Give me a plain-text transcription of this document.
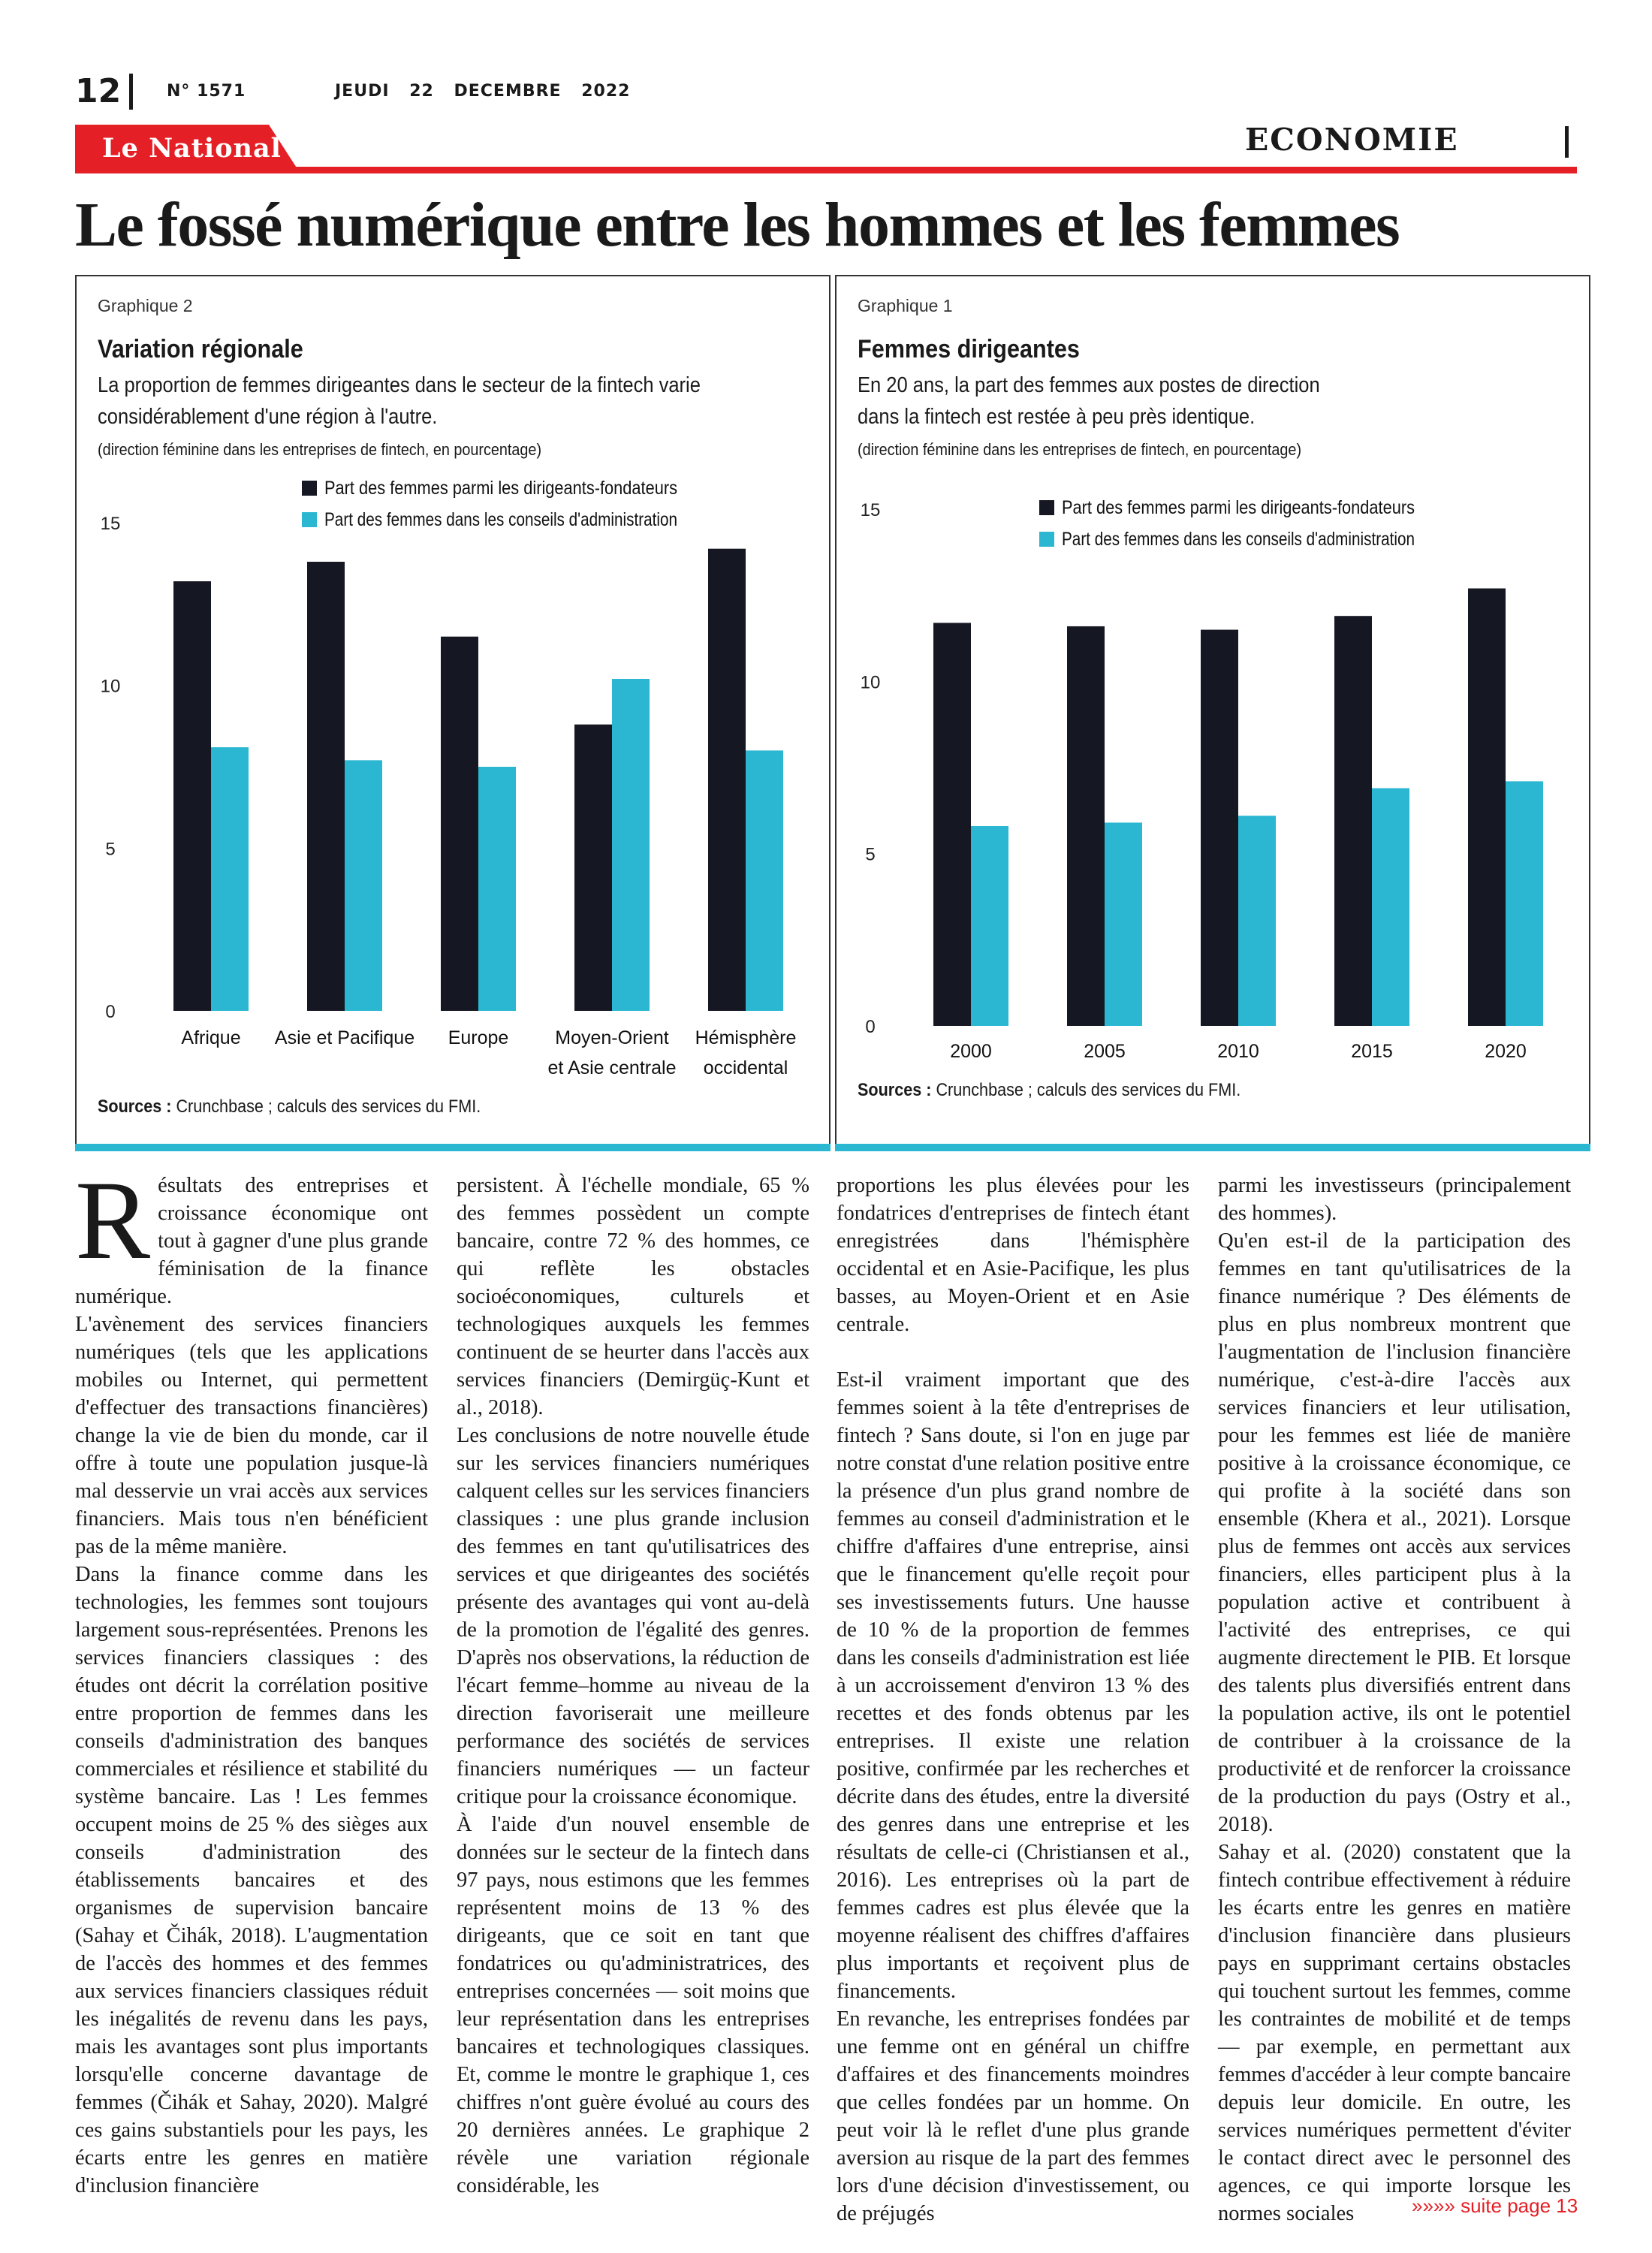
12	N° 1571	JEUDI 22 DECEMBRE 2022
Le National	ECONOMIE
Le fossé numérique entre les hommes et les femmes
Graphique 2
Variation régionale
La proportion de femmes dirigeantes dans le secteur de la fintech varie considérablement d'une région à l'autre.
(direction féminine dans les entreprises de fintech, en pourcentage)
0
5
10
15
Part des femmes parmi les dirigeants-fondateurs
Part des femmes dans les conseils d'administration
Afrique Asie et Pacifique Europe Moyen-Orient
et Asie centrale
Hémisphère
occidental
Sources : Crunchbase ; calculs des services du FMI.
Graphique 1
Femmes dirigeantes
En 20 ans, la part des femmes aux postes de direction dans la fintech est restée à peu près identique.
(direction féminine dans les entreprises de fintech, en pourcentage)
0
5
10
15	Part des femmes parmi les dirigeants-fondateurs
Part des femmes dans les conseils d'administration
2000	2005	2010	2015	2020
Sources : Crunchbase ; calculs des services du FMI.
R ésultats des entreprises et croissance économique ont tout à gagner d'une plus grande féminisation de la finance numérique.

L'avènement des services financiers numériques (tels que les applications mobiles ou Internet, qui permettent d'effectuer des transactions financières) change la vie de bien du monde, car il offre à toute une population jusque-là mal desservie un vrai accès aux services financiers. Mais tous n'en bénéficient pas de la même manière.

Dans la finance comme dans les technologies, les femmes sont toujours largement sous-représentées. Prenons les services financiers classiques : des études ont décrit la corrélation positive entre proportion de femmes dans les conseils d'administration des banques commerciales et résilience et stabilité du système bancaire. Las ! Les femmes occupent moins de 25 % des sièges aux conseils d'administration des établissements bancaires et des organismes de supervision bancaire (Sahay et Čihák, 2018). L'augmentation de l'accès des hommes et des femmes aux services financiers classiques réduit les inégalités de revenu dans les pays, mais les avantages sont plus importants lorsqu'elle concerne davantage de femmes (Čihák et Sahay, 2020). Malgré ces gains substantiels pour les pays, les écarts entre les genres en matière d'inclusion financière

persistent. À l'échelle mondiale, 65 % des femmes possèdent un compte bancaire, contre 72 % des hommes, ce qui reflète les obstacles socioéconomiques, culturels et technologiques auxquels les femmes continuent de se heurter dans l'accès aux services financiers (Demirgüç-Kunt et al., 2018).

Les conclusions de notre nouvelle étude sur les services financiers numériques calquent celles sur les services financiers classiques : une plus grande inclusion des femmes en tant qu'utilisatrices des services et que dirigeantes des sociétés présente des avantages qui vont au-delà de la promotion de l'égalité des genres. D'après nos observations, la réduction de l'écart femme–homme au niveau de la direction favoriserait une meilleure performance des sociétés de services financiers numériques — un facteur critique pour la croissance économique.

À l'aide d'un nouvel ensemble de données sur le secteur de la fintech dans 97 pays, nous estimons que les femmes représentent moins de 13 % des dirigeants, que ce soit en tant que fondatrices ou qu'administratrices, des entreprises concernées — soit moins que leur représentation dans les entreprises bancaires et technologiques classiques. Et, comme le montre le graphique 1, ces chiffres n'ont guère évolué au cours des 20 dernières années. Le graphique 2 révèle une variation régionale considérable, les

proportions les plus élevées pour les fondatrices d'entreprises de fintech étant enregistrées dans l'hémisphère occidental et en Asie-Pacifique, les plus basses, au Moyen-Orient et en Asie centrale.

Est-il vraiment important que des femmes soient à la tête d'entreprises de fintech ? Sans doute, si l'on en juge par notre constat d'une relation positive entre la présence d'un plus grand nombre de femmes au conseil d'administration et le chiffre d'affaires d'une entreprise, ainsi que le financement qu'elle reçoit pour ses investissements futurs. Une hausse de 10 % de la proportion de femmes dans les conseils d'administration est liée à un accroissement d'environ 13 % des recettes et des fonds obtenus par les entreprises. Il existe une relation positive, confirmée par les recherches et décrite dans des études, entre la diversité des genres dans une entreprise et les résultats de celle-ci (Christiansen et al., 2016). Les entreprises où la part de femmes cadres est plus élevée que la moyenne réalisent des chiffres d'affaires plus importants et reçoivent plus de financements.

En revanche, les entreprises fondées par une femme ont en général un chiffre d'affaires et des financements moindres que celles fondées par un homme. On peut voir là le reflet d'une plus grande aversion au risque de la part des femmes lors d'une décision d'investissement, ou de préjugés

parmi les investisseurs (principalement des hommes).

Qu'en est-il de la participation des femmes en tant qu'utilisatrices de la finance numérique ? Des éléments de plus en plus nombreux montrent que l'augmentation de l'inclusion financière numérique, c'est-à-dire l'accès aux services financiers et leur utilisation, pour les femmes est liée de manière positive à la croissance économique, ce qui profite à la société dans son ensemble (Khera et al., 2021). Lorsque plus de femmes ont accès aux services financiers, elles participent plus à la population active et contribuent à l'activité des entreprises, ce qui augmente directement le PIB. Et lorsque des talents plus diversifiés entrent dans la population active, ils ont le potentiel de contribuer à la croissance de la productivité et de renforcer la croissance de la production du pays (Ostry et al., 2018).

Sahay et al. (2020) constatent que la fintech contribue effectivement à réduire les écarts entre les genres en matière d'inclusion financière dans plusieurs pays en supprimant certains obstacles qui touchent surtout les femmes, comme les contraintes de mobilité et de temps — par exemple, en permettant aux femmes d'accéder à leur compte bancaire depuis leur domicile. En outre, les services numériques permettent d'éviter le contact direct avec le personnel des agences, ce qui importe lorsque les normes sociales	»»»» suite page 13
